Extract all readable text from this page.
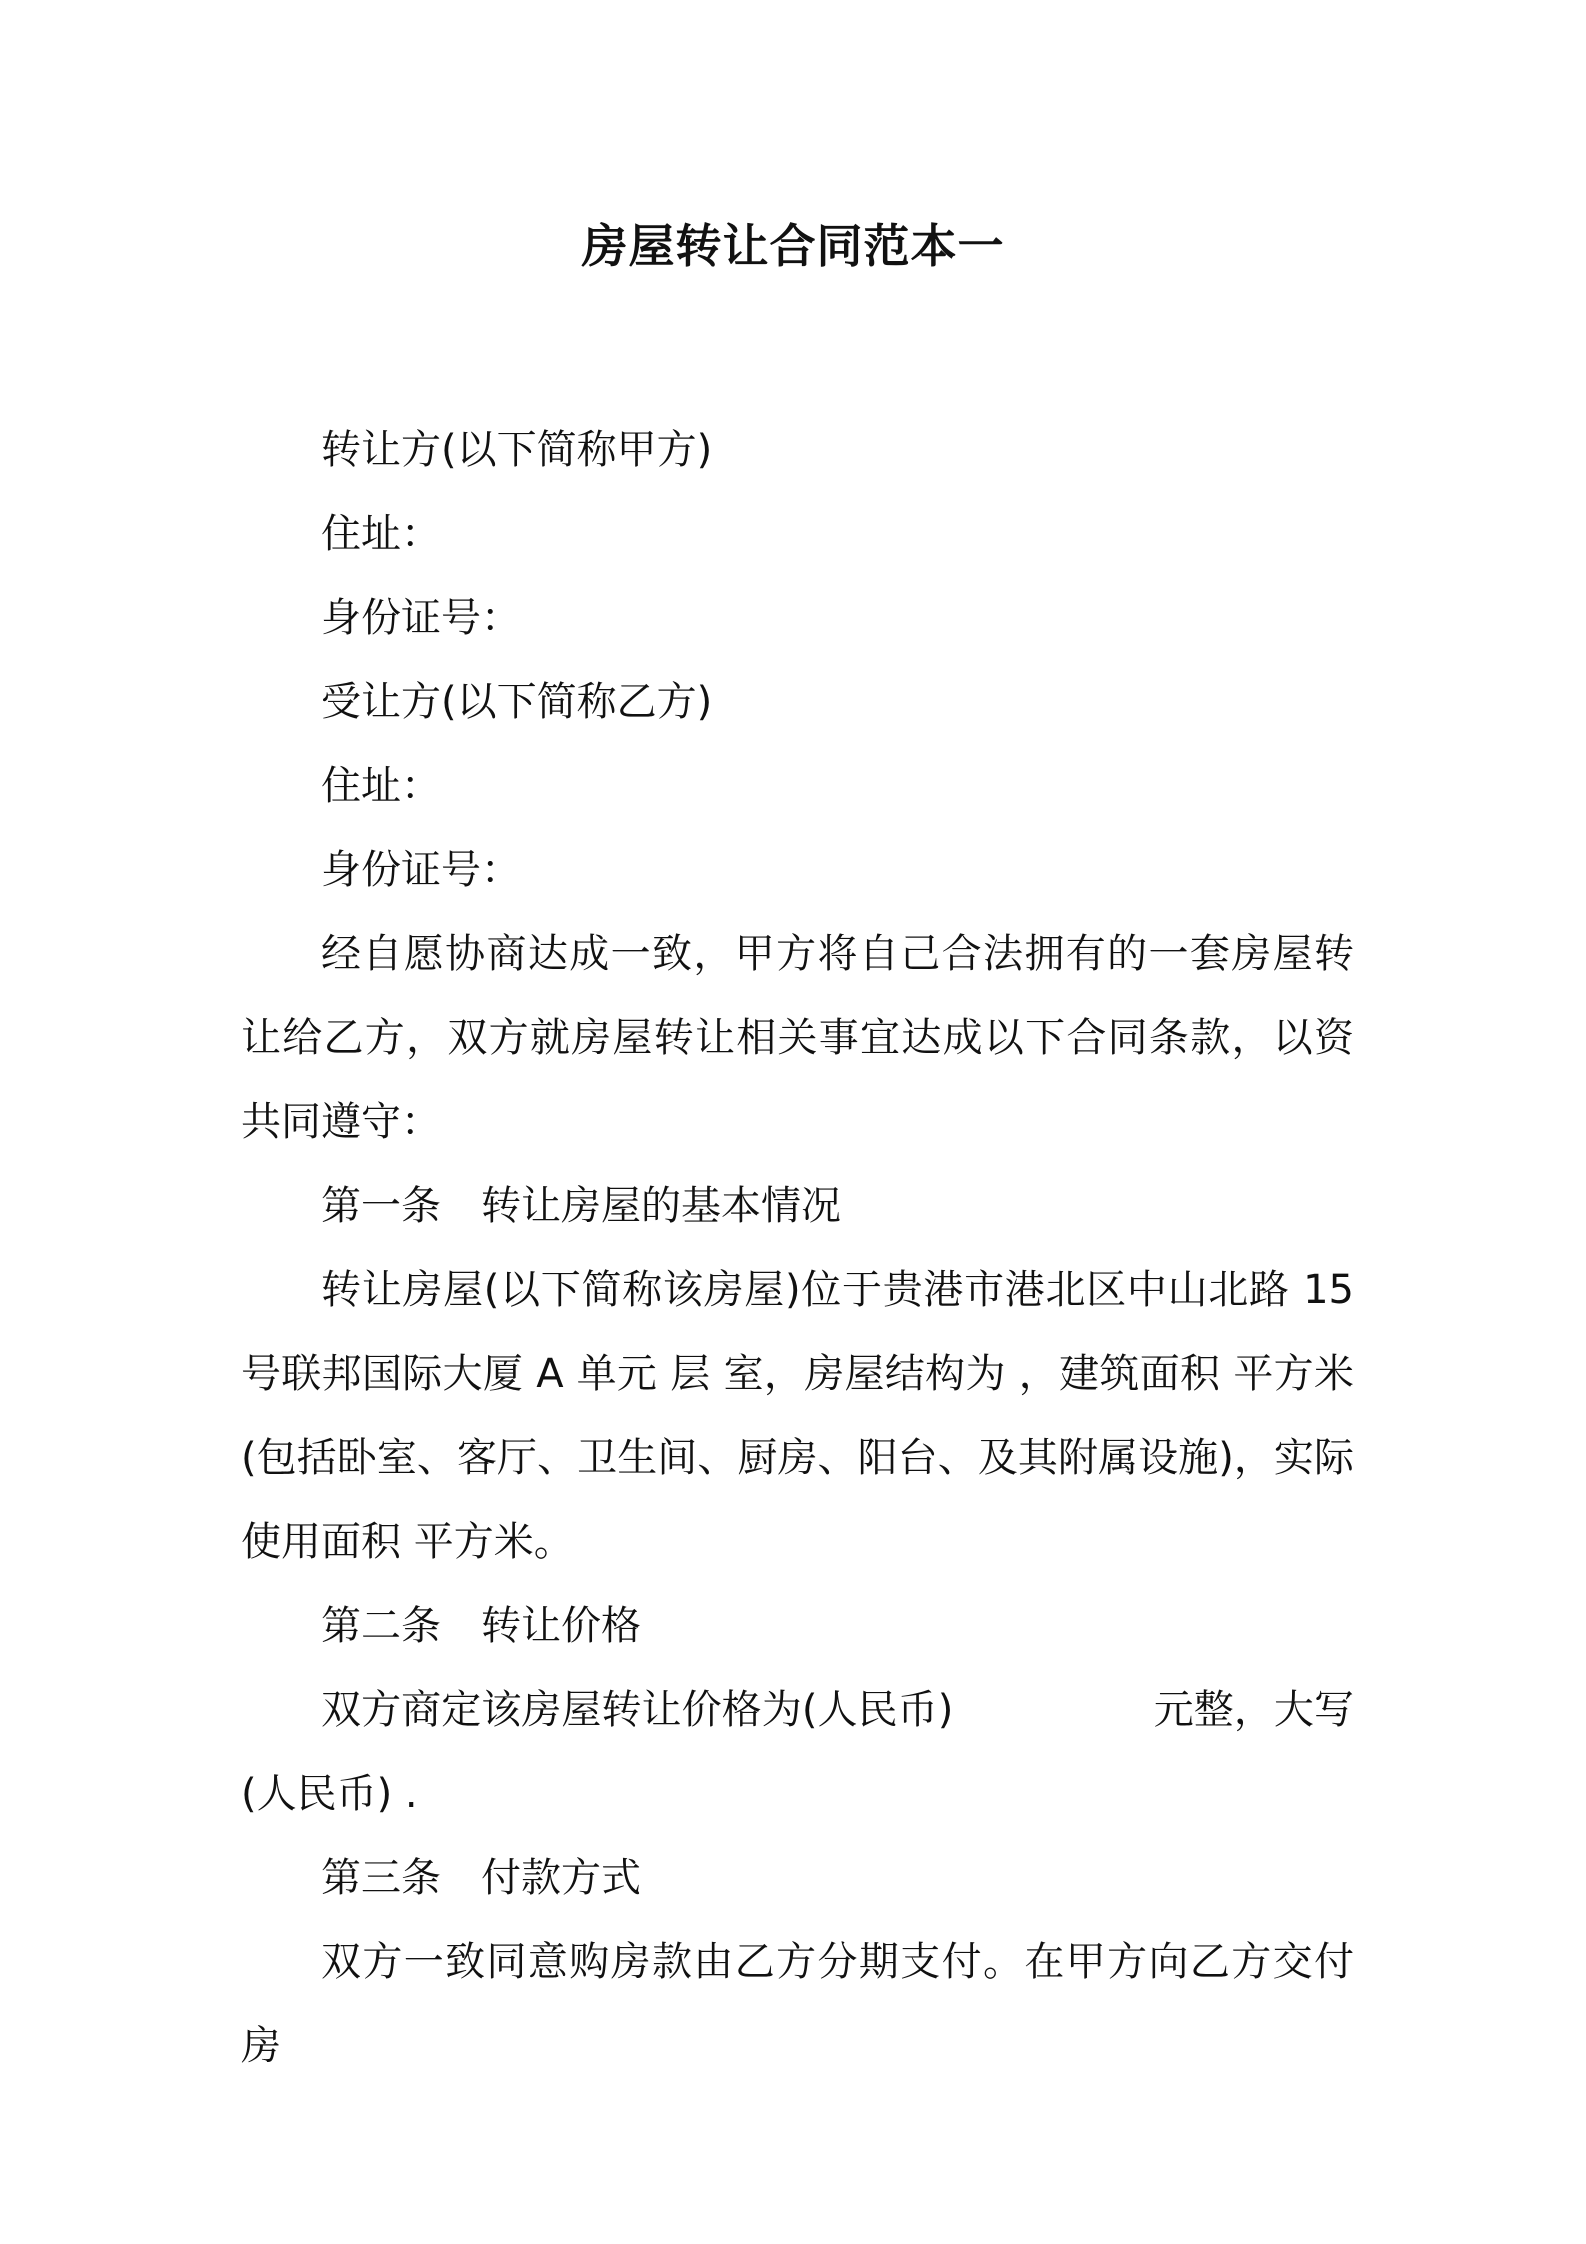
房屋转让合同范本一

转让方(以下简称甲方)

住址：

身份证号：

受让方(以下简称乙方)

住址：

身份证号：

经自愿协商达成一致，甲方将自己合法拥有的一套房屋转让给乙方，双方就房屋转让相关事宜达成以下合同条款，以资共同遵守：

第一条　转让房屋的基本情况

转让房屋(以下简称该房屋)位于贵港市港北区中山北路 15 号联邦国际大厦 A 单元 层 室，房屋结构为 ，建筑面积 平方米(包括卧室、客厅、卫生间、厨房、阳台、及其附属设施)，实际使用面积 平方米。

第二条　转让价格

双方商定该房屋转让价格为(人民币)　　　　　元整，大写(人民币) .

第三条　付款方式

双方一致同意购房款由乙方分期支付。在甲方向乙方交付房
